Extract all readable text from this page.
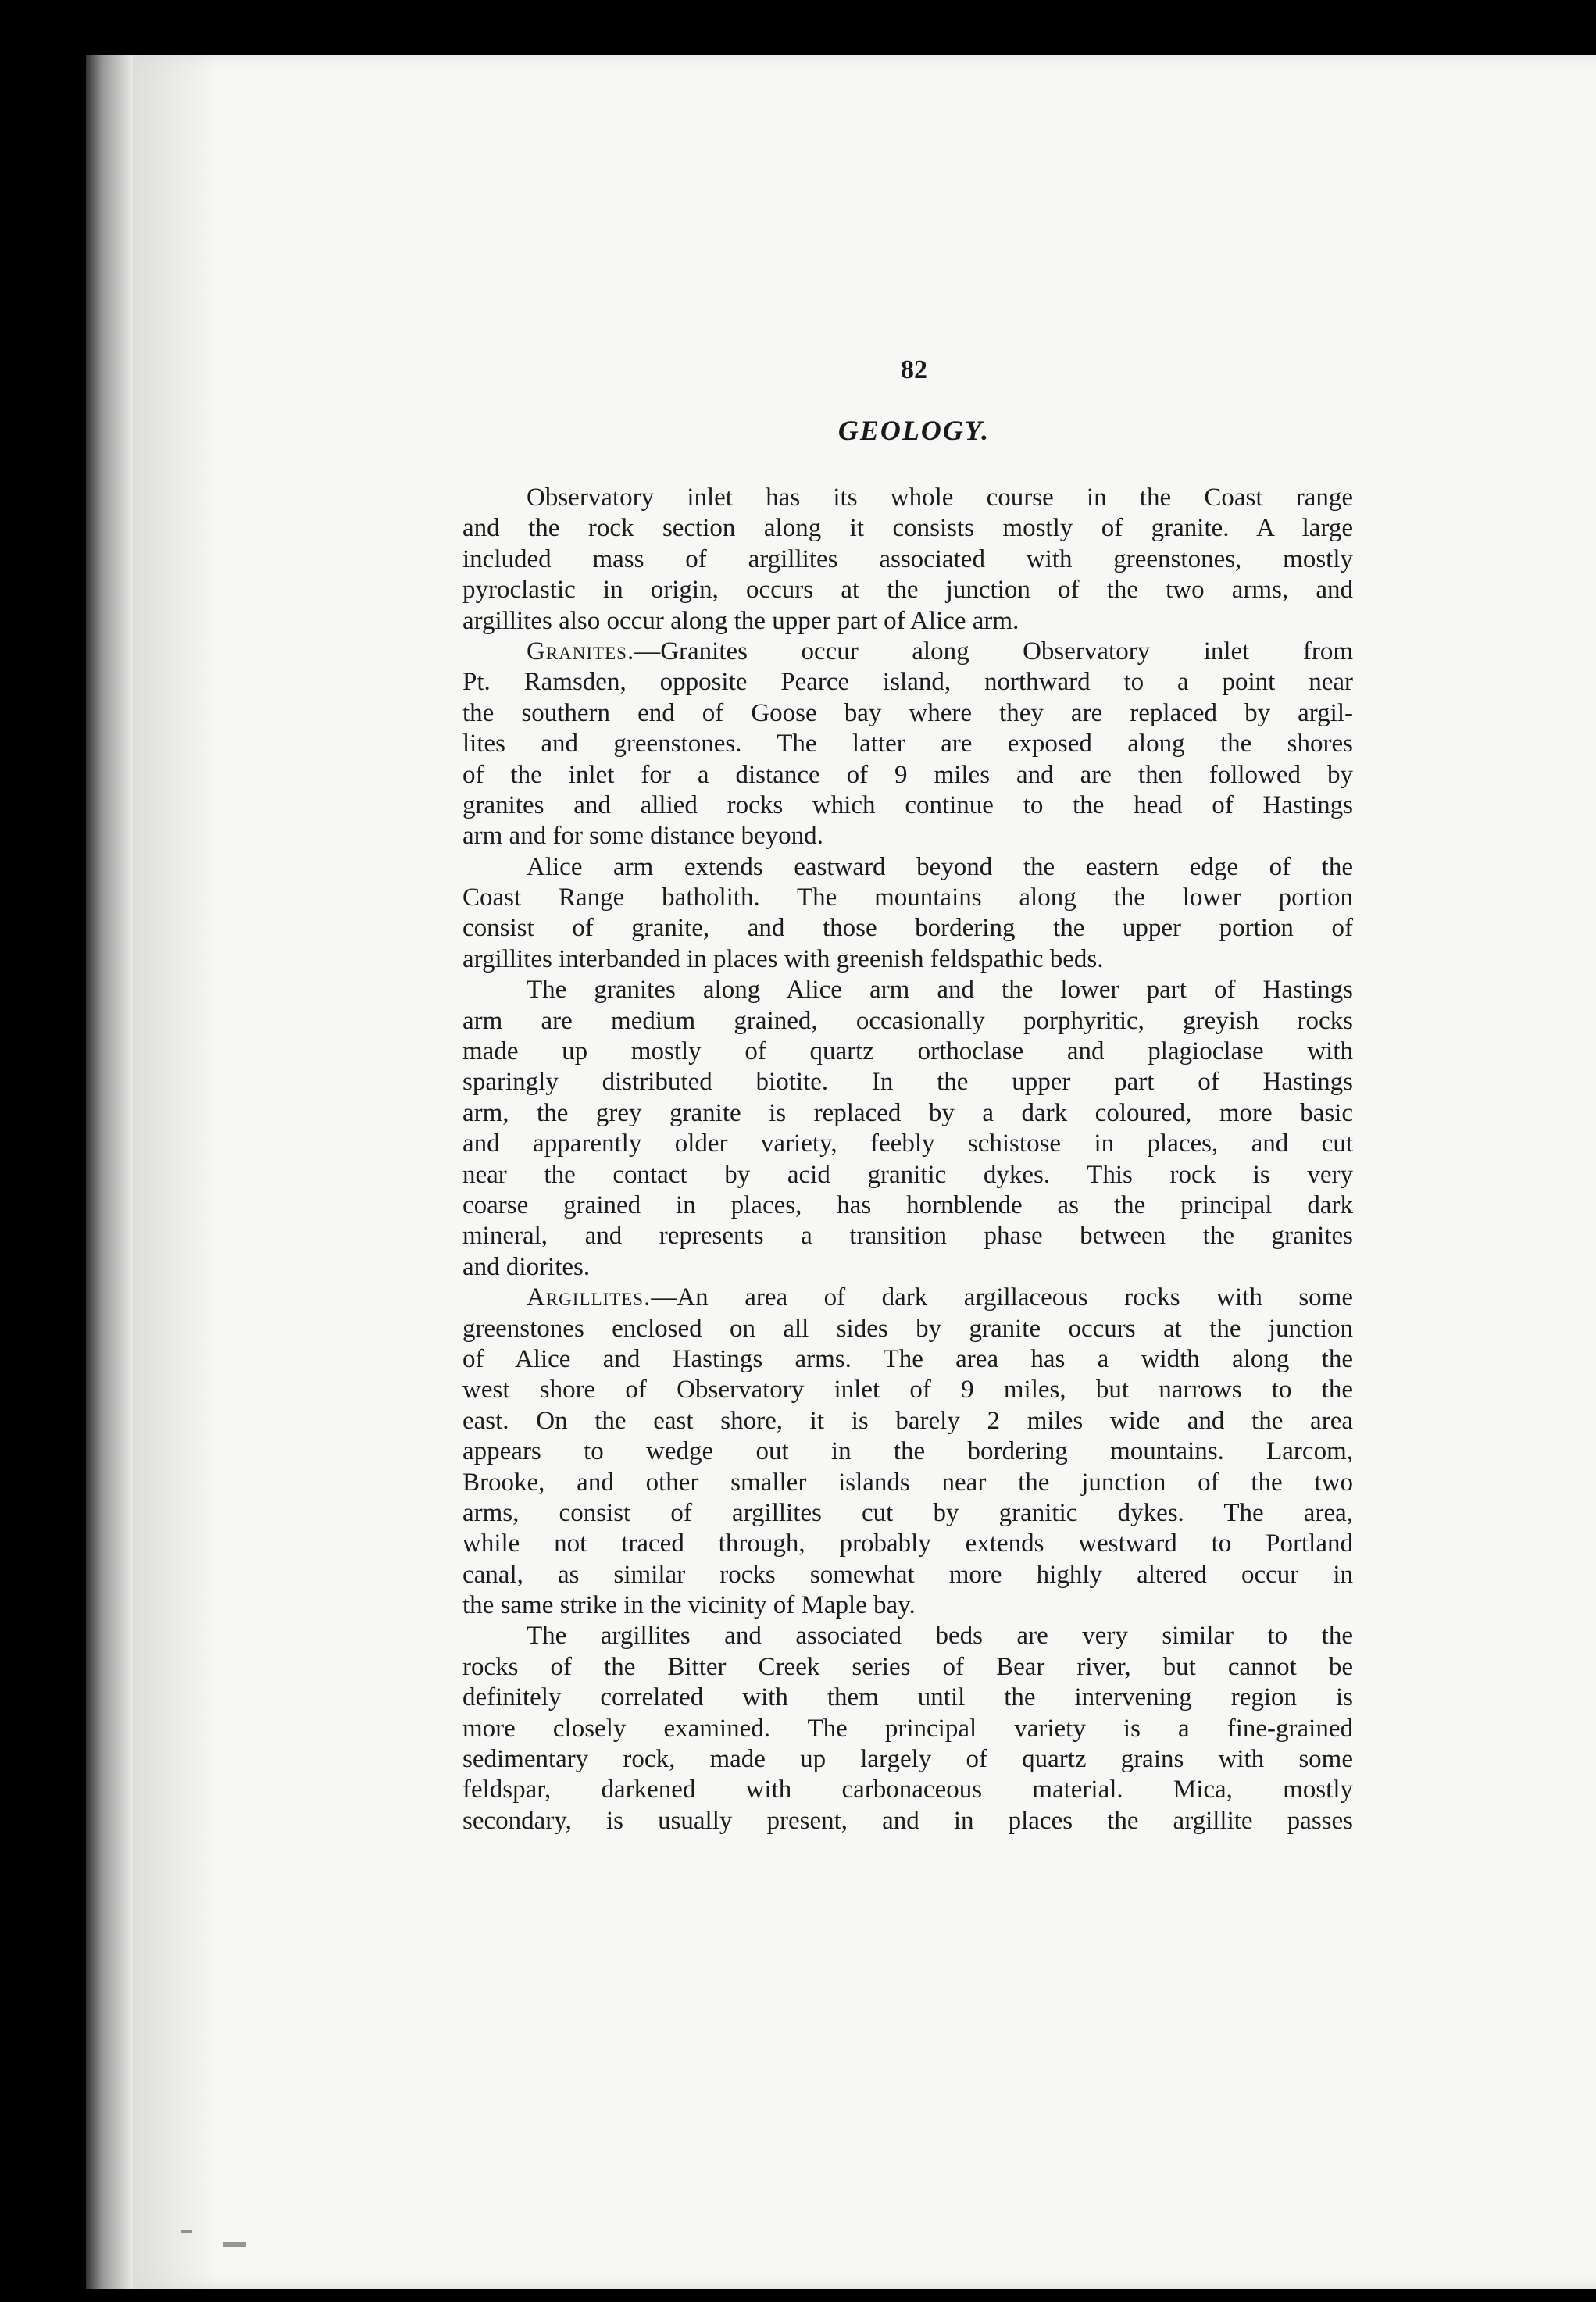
82
GEOLOGY.
Observatory inlet has its whole course in the Coast range
and the rock section along it consists mostly of granite. A large
included mass of argillites associated with greenstones, mostly
pyroclastic in origin, occurs at the junction of the two arms, and
argillites also occur along the upper part of Alice arm.
Granites.—Granites occur along Observatory inlet from
Pt. Ramsden, opposite Pearce island, northward to a point near
the southern end of Goose bay where they are replaced by argil-
lites and greenstones. The latter are exposed along the shores
of the inlet for a distance of 9 miles and are then followed by
granites and allied rocks which continue to the head of Hastings
arm and for some distance beyond.
Alice arm extends eastward beyond the eastern edge of the
Coast Range batholith. The mountains along the lower portion
consist of granite, and those bordering the upper portion of
argillites interbanded in places with greenish feldspathic beds.
The granites along Alice arm and the lower part of Hastings
arm are medium grained, occasionally porphyritic, greyish rocks
made up mostly of quartz orthoclase and plagioclase with
sparingly distributed biotite. In the upper part of Hastings
arm, the grey granite is replaced by a dark coloured, more basic
and apparently older variety, feebly schistose in places, and cut
near the contact by acid granitic dykes. This rock is very
coarse grained in places, has hornblende as the principal dark
mineral, and represents a transition phase between the granites
and diorites.
Argillites.—An area of dark argillaceous rocks with some
greenstones enclosed on all sides by granite occurs at the junction
of Alice and Hastings arms. The area has a width along the
west shore of Observatory inlet of 9 miles, but narrows to the
east. On the east shore, it is barely 2 miles wide and the area
appears to wedge out in the bordering mountains. Larcom,
Brooke, and other smaller islands near the junction of the two
arms, consist of argillites cut by granitic dykes. The area,
while not traced through, probably extends westward to Portland
canal, as similar rocks somewhat more highly altered occur in
the same strike in the vicinity of Maple bay.
The argillites and associated beds are very similar to the
rocks of the Bitter Creek series of Bear river, but cannot be
definitely correlated with them until the intervening region is
more closely examined. The principal variety is a fine-grained
sedimentary rock, made up largely of quartz grains with some
feldspar, darkened with carbonaceous material. Mica, mostly
secondary, is usually present, and in places the argillite passes
